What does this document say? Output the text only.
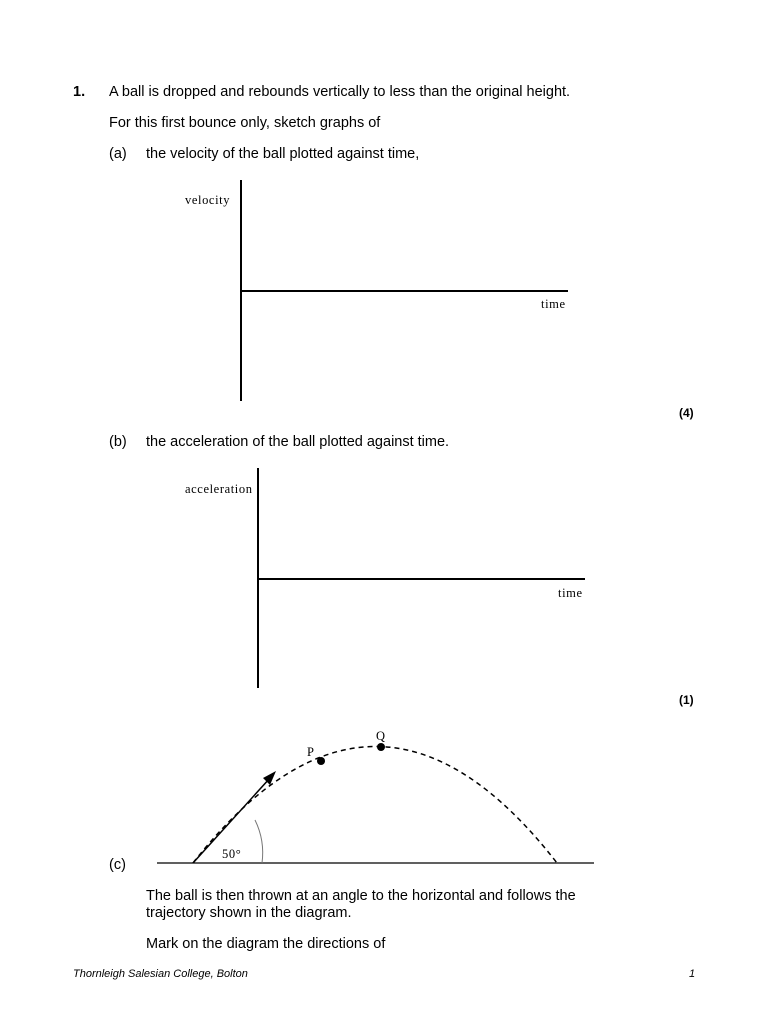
1. A ball is dropped and rebounds vertically to less than the original height.
For this first bounce only, sketch graphs of
(a) the velocity of the ball plotted against time,
velocity
time
(4)
(b) the acceleration of the ball plotted against time.
acceleration
time
(1)
50°
P
Q
(c)
The ball is then thrown at an angle to the horizontal and follows the trajectory shown in the diagram.
Mark on the diagram the directions of
Thornleigh Salesian College, Bolton	1
